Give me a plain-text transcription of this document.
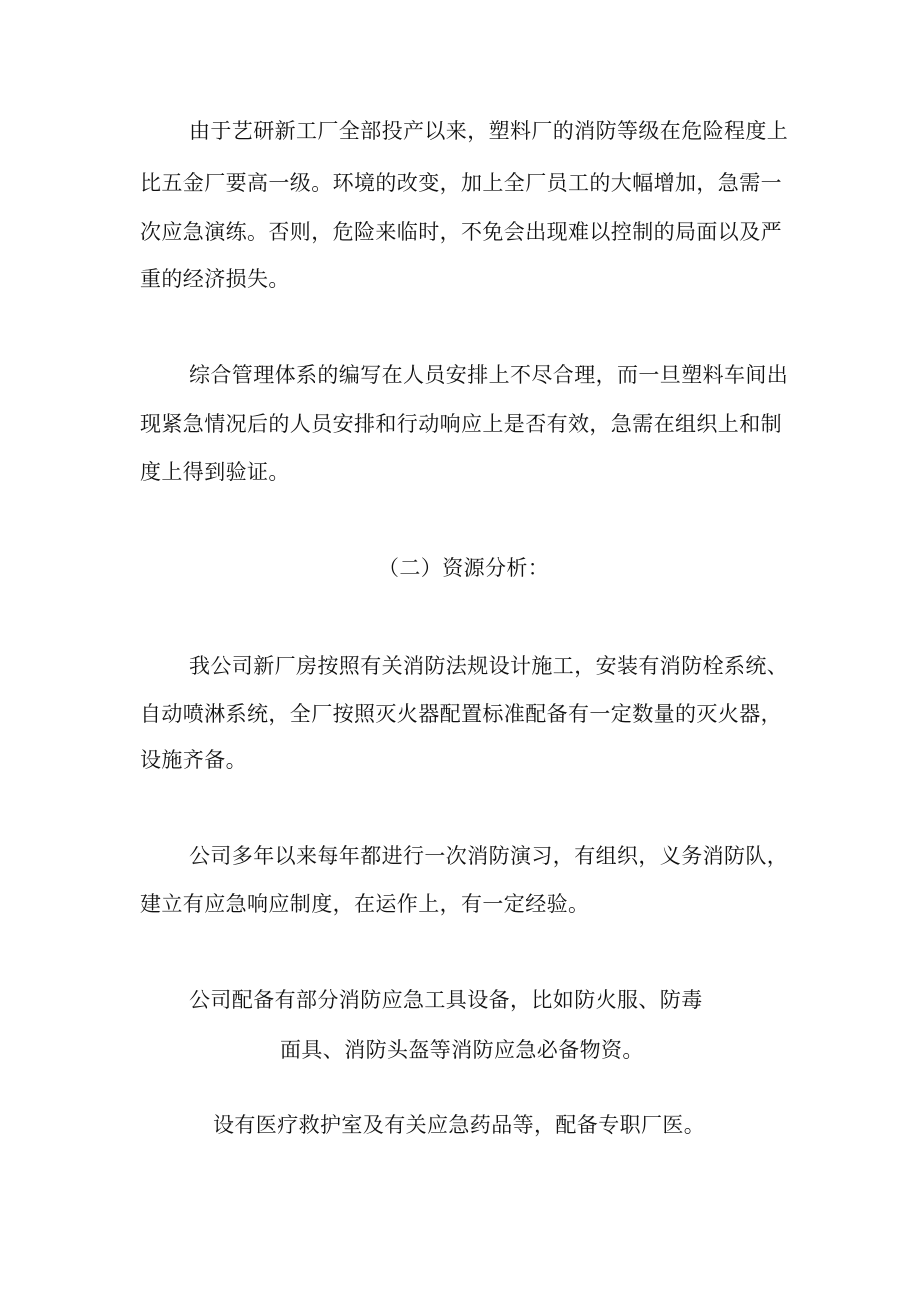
由于艺研新工厂全部投产以来，塑料厂的消防等级在危险程度上
比五金厂要高一级。环境的改变，加上全厂员工的大幅增加，急需一
次应急演练。否则，危险来临时，不免会出现难以控制的局面以及严
重的经济损失。
综合管理体系的编写在人员安排上不尽合理，而一旦塑料车间出
现紧急情况后的人员安排和行动响应上是否有效，急需在组织上和制
度上得到验证。
（二）资源分析：
我公司新厂房按照有关消防法规设计施工，安装有消防栓系统、
自动喷淋系统，全厂按照灭火器配置标准配备有一定数量的灭火器，
设施齐备。
公司多年以来每年都进行一次消防演习，有组织，义务消防队，
建立有应急响应制度，在运作上，有一定经验。
公司配备有部分消防应急工具设备，比如防火服、防毒
面具、消防头盔等消防应急必备物资。
设有医疗救护室及有关应急药品等，配备专职厂医。
